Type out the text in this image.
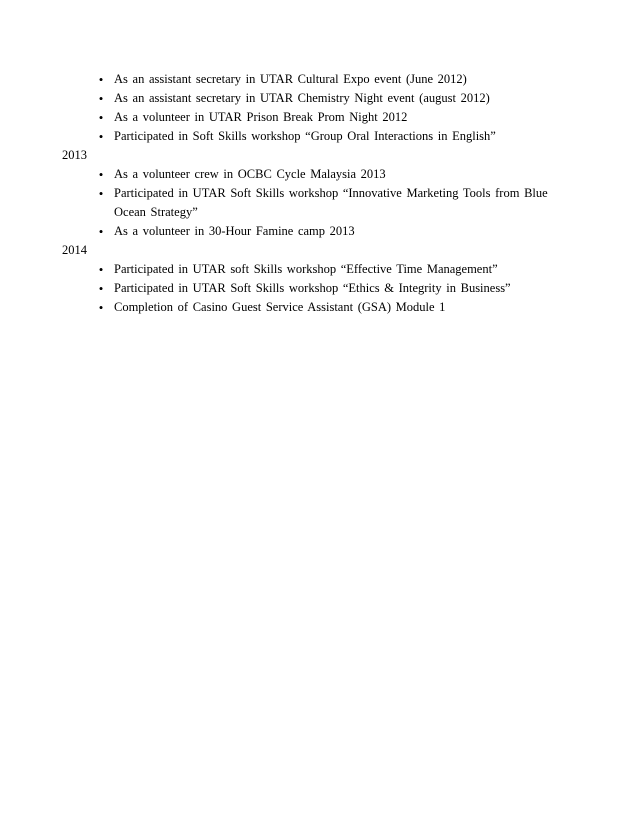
•
As an assistant secretary in UTAR Cultural Expo event (June 2012)
•
As an assistant secretary in UTAR Chemistry Night event (august 2012)
•
As a volunteer in UTAR Prison Break Prom Night 2012
•
Participated in Soft Skills workshop “Group Oral Interactions in English”

2013

•
As a volunteer crew in OCBC Cycle Malaysia 2013
•
Participated in UTAR Soft Skills workshop “Innovative Marketing Tools from Blue Ocean Strategy”
•
As a volunteer in 30-Hour Famine camp 2013

2014

•
Participated in UTAR soft Skills workshop “Effective Time Management”
•
Participated in UTAR Soft Skills workshop “Ethics & Integrity in Business”
•
Completion of Casino Guest Service Assistant (GSA) Module 1
